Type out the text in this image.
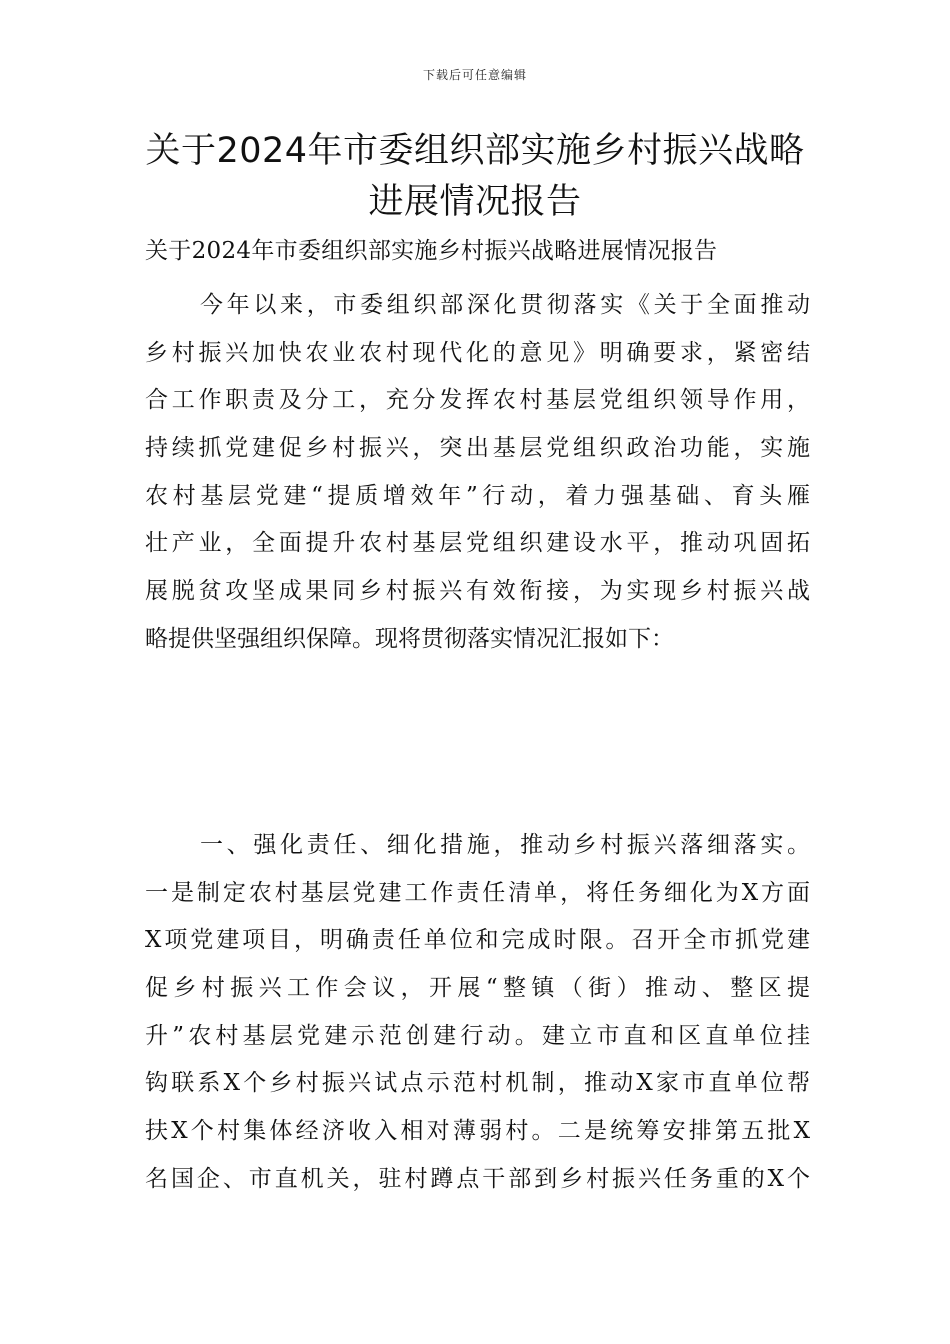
下载后可任意编辑
关于2024年市委组织部实施乡村振兴战略
进展情况报告
关于2024年市委组织部实施乡村振兴战略进展情况报告
今年以来，市委组织部深化贯彻落实《关于全面推动
乡村振兴加快农业农村现代化的意见》明确要求，紧密结
合工作职责及分工，充分发挥农村基层党组织领导作用，
持续抓党建促乡村振兴，突出基层党组织政治功能，实施
农村基层党建“提质增效年”行动，着力强基础、育头雁
壮产业，全面提升农村基层党组织建设水平，推动巩固拓
展脱贫攻坚成果同乡村振兴有效衔接，为实现乡村振兴战
略提供坚强组织保障。现将贯彻落实情况汇报如下：
一、强化责任、细化措施，推动乡村振兴落细落实。
一是制定农村基层党建工作责任清单，将任务细化为X方面
X项党建项目，明确责任单位和完成时限。召开全市抓党建
促乡村振兴工作会议，开展“整镇（街）推动、整区提
升”农村基层党建示范创建行动。建立市直和区直单位挂
钩联系X个乡村振兴试点示范村机制，推动X家市直单位帮
扶X个村集体经济收入相对薄弱村。二是统筹安排第五批X
名国企、市直机关，驻村蹲点干部到乡村振兴任务重的X个
